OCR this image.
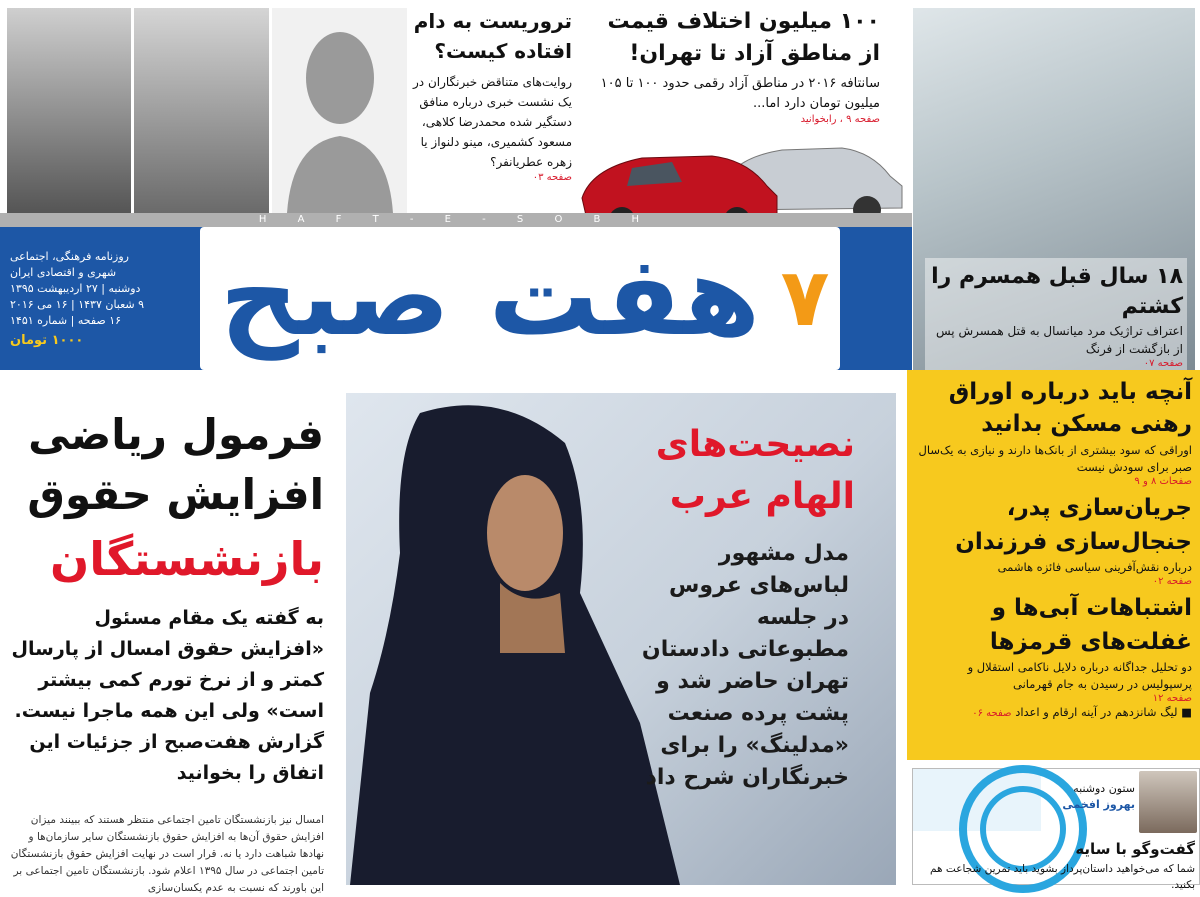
تروریست به دام افتاده کیست؟
روایت‌های متناقض خبرنگاران در یک نشست خبری درباره منافق دستگیر شده محمدرضا کلاهی، مسعود کشمیری، مینو دلنواز یا زهره عطریانفر؟
صفحه ۰۳
۱۰۰ میلیون اختلاف قیمت از مناطق آزاد تا تهران!
سانتافه ۲۰۱۶ در مناطق آزاد رقمی حدود ۱۰۰ تا ۱۰۵ میلیون تومان دارد اما...
صفحه ۹ ، رابخوانید
H A F T - E - S O B H
روزنامه فرهنگی، اجتماعی
شهری و اقتصادی ایران
دوشنبه | ۲۷ اردیبهشت ۱۳۹۵
۹ شعبان ۱۴۳۷ | ۱۶ می ۲۰۱۶
۱۶ صفحه | شماره ۱۴۵۱
۱۰۰۰ تومان	هفت صبح ۷	۱۸ سال قبل همسرم را کشتم
اعتراف تراژیک مرد میانسال به قتل همسرش پس از بازگشت از فرنگ
صفحه ۰۷
فرمول ریاضی
افزایش حقوق
بازنشستگان
به گفته یک مقام مسئول «افزایش حقوق امسال از پارسال کمتر و از نرخ تورم کمی بیشتر است» ولی این همه ماجرا نیست. گزارش هفت‌صبح از جزئیات این اتفاق را بخوانید
امسال نیز بازنشستگان تامین اجتماعی منتظر هستند که ببینند میزان افزایش حقوق آن‌ها به افزایش حقوق بازنشستگان سایر سازمان‌ها و نهادها شباهت دارد یا نه. قرار است در نهایت افزایش حقوق بازنشستگان تامین اجتماعی در سال ۱۳۹۵ اعلام شود. بازنشستگان تامین اجتماعی بر این باورند که نسبت به عدم یکسان‌سازی
نصیحت‌های
الهام عرب
مدل مشهور لباس‌های عروس در جلسه مطبوعاتی دادستان تهران حاضر شد و پشت پرده صنعت «مدلینگ» را برای خبرنگاران شرح داد
آنچه باید درباره اوراق رهنی مسکن بدانید
اوراقی که سود بیشتری از بانک‌ها دارند و نیازی به یک‌سال صبر برای سودش نیست
صفحات ۸ و ۹
جریان‌سازی پدر، جنجال‌سازی فرزندان
درباره نقش‌آفرینی سیاسی فائزه هاشمی
صفحه ۰۲
اشتباهات آبی‌ها و غفلت‌های قرمزها
دو تحلیل جداگانه درباره دلایل ناکامی استقلال و پرسپولیس در رسیدن به جام قهرمانی
صفحه ۱۲
■ لیگ شانزدهم در آینه ارقام و اعداد صفحه ۰۶
ستون دوشنبه
بهروز افخمی
گفت‌وگو با سایه
شما که می‌خواهید داستان‌پرداز بشوید باید تمرین شجاعت هم بکنید.
